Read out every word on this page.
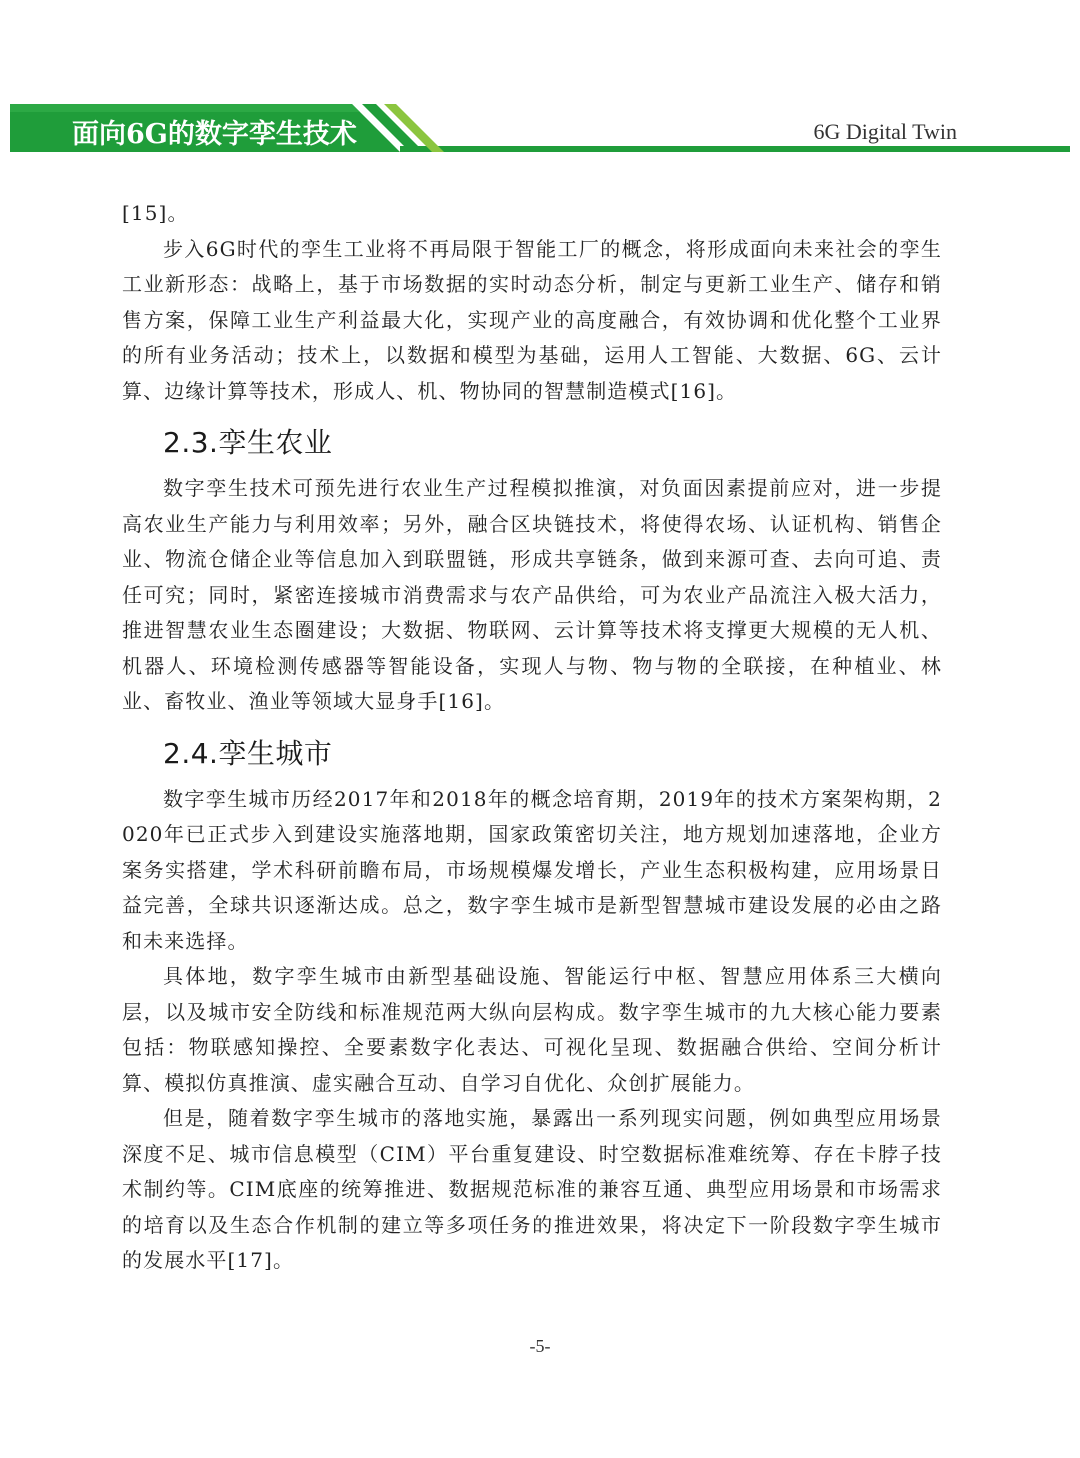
面向6G的数字孪生技术	6G Digital Twin

[15]。

步入6G时代的孪生工业将不再局限于智能工厂的概念，将形成面向未来社会的孪生工业新形态：战略上，基于市场数据的实时动态分析，制定与更新工业生产、储存和销售方案，保障工业生产利益最大化，实现产业的高度融合，有效协调和优化整个工业界的所有业务活动；技术上，以数据和模型为基础，运用人工智能、大数据、6G、云计算、边缘计算等技术，形成人、机、物协同的智慧制造模式[16]。

2.3.孪生农业

数字孪生技术可预先进行农业生产过程模拟推演，对负面因素提前应对，进一步提高农业生产能力与利用效率；另外，融合区块链技术，将使得农场、认证机构、销售企业、物流仓储企业等信息加入到联盟链，形成共享链条，做到来源可查、去向可追、责任可究；同时，紧密连接城市消费需求与农产品供给，可为农业产品流注入极大活力，推进智慧农业生态圈建设；大数据、物联网、云计算等技术将支撑更大规模的无人机、机器人、环境检测传感器等智能设备，实现人与物、物与物的全联接，在种植业、林业、畜牧业、渔业等领域大显身手[16]。

2.4.孪生城市

数字孪生城市历经2017年和2018年的概念培育期，2019年的技术方案架构期，2020年已正式步入到建设实施落地期，国家政策密切关注，地方规划加速落地，企业方案务实搭建，学术科研前瞻布局，市场规模爆发增长，产业生态积极构建，应用场景日益完善，全球共识逐渐达成。总之，数字孪生城市是新型智慧城市建设发展的必由之路和未来选择。

具体地，数字孪生城市由新型基础设施、智能运行中枢、智慧应用体系三大横向层，以及城市安全防线和标准规范两大纵向层构成。数字孪生城市的九大核心能力要素包括：物联感知操控、全要素数字化表达、可视化呈现、数据融合供给、空间分析计算、模拟仿真推演、虚实融合互动、自学习自优化、众创扩展能力。

但是，随着数字孪生城市的落地实施，暴露出一系列现实问题，例如典型应用场景深度不足、城市信息模型（CIM）平台重复建设、时空数据标准难统筹、存在卡脖子技术制约等。CIM底座的统筹推进、数据规范标准的兼容互通、典型应用场景和市场需求的培育以及生态合作机制的建立等多项任务的推进效果，将决定下一阶段数字孪生城市的发展水平[17]。

-5-
